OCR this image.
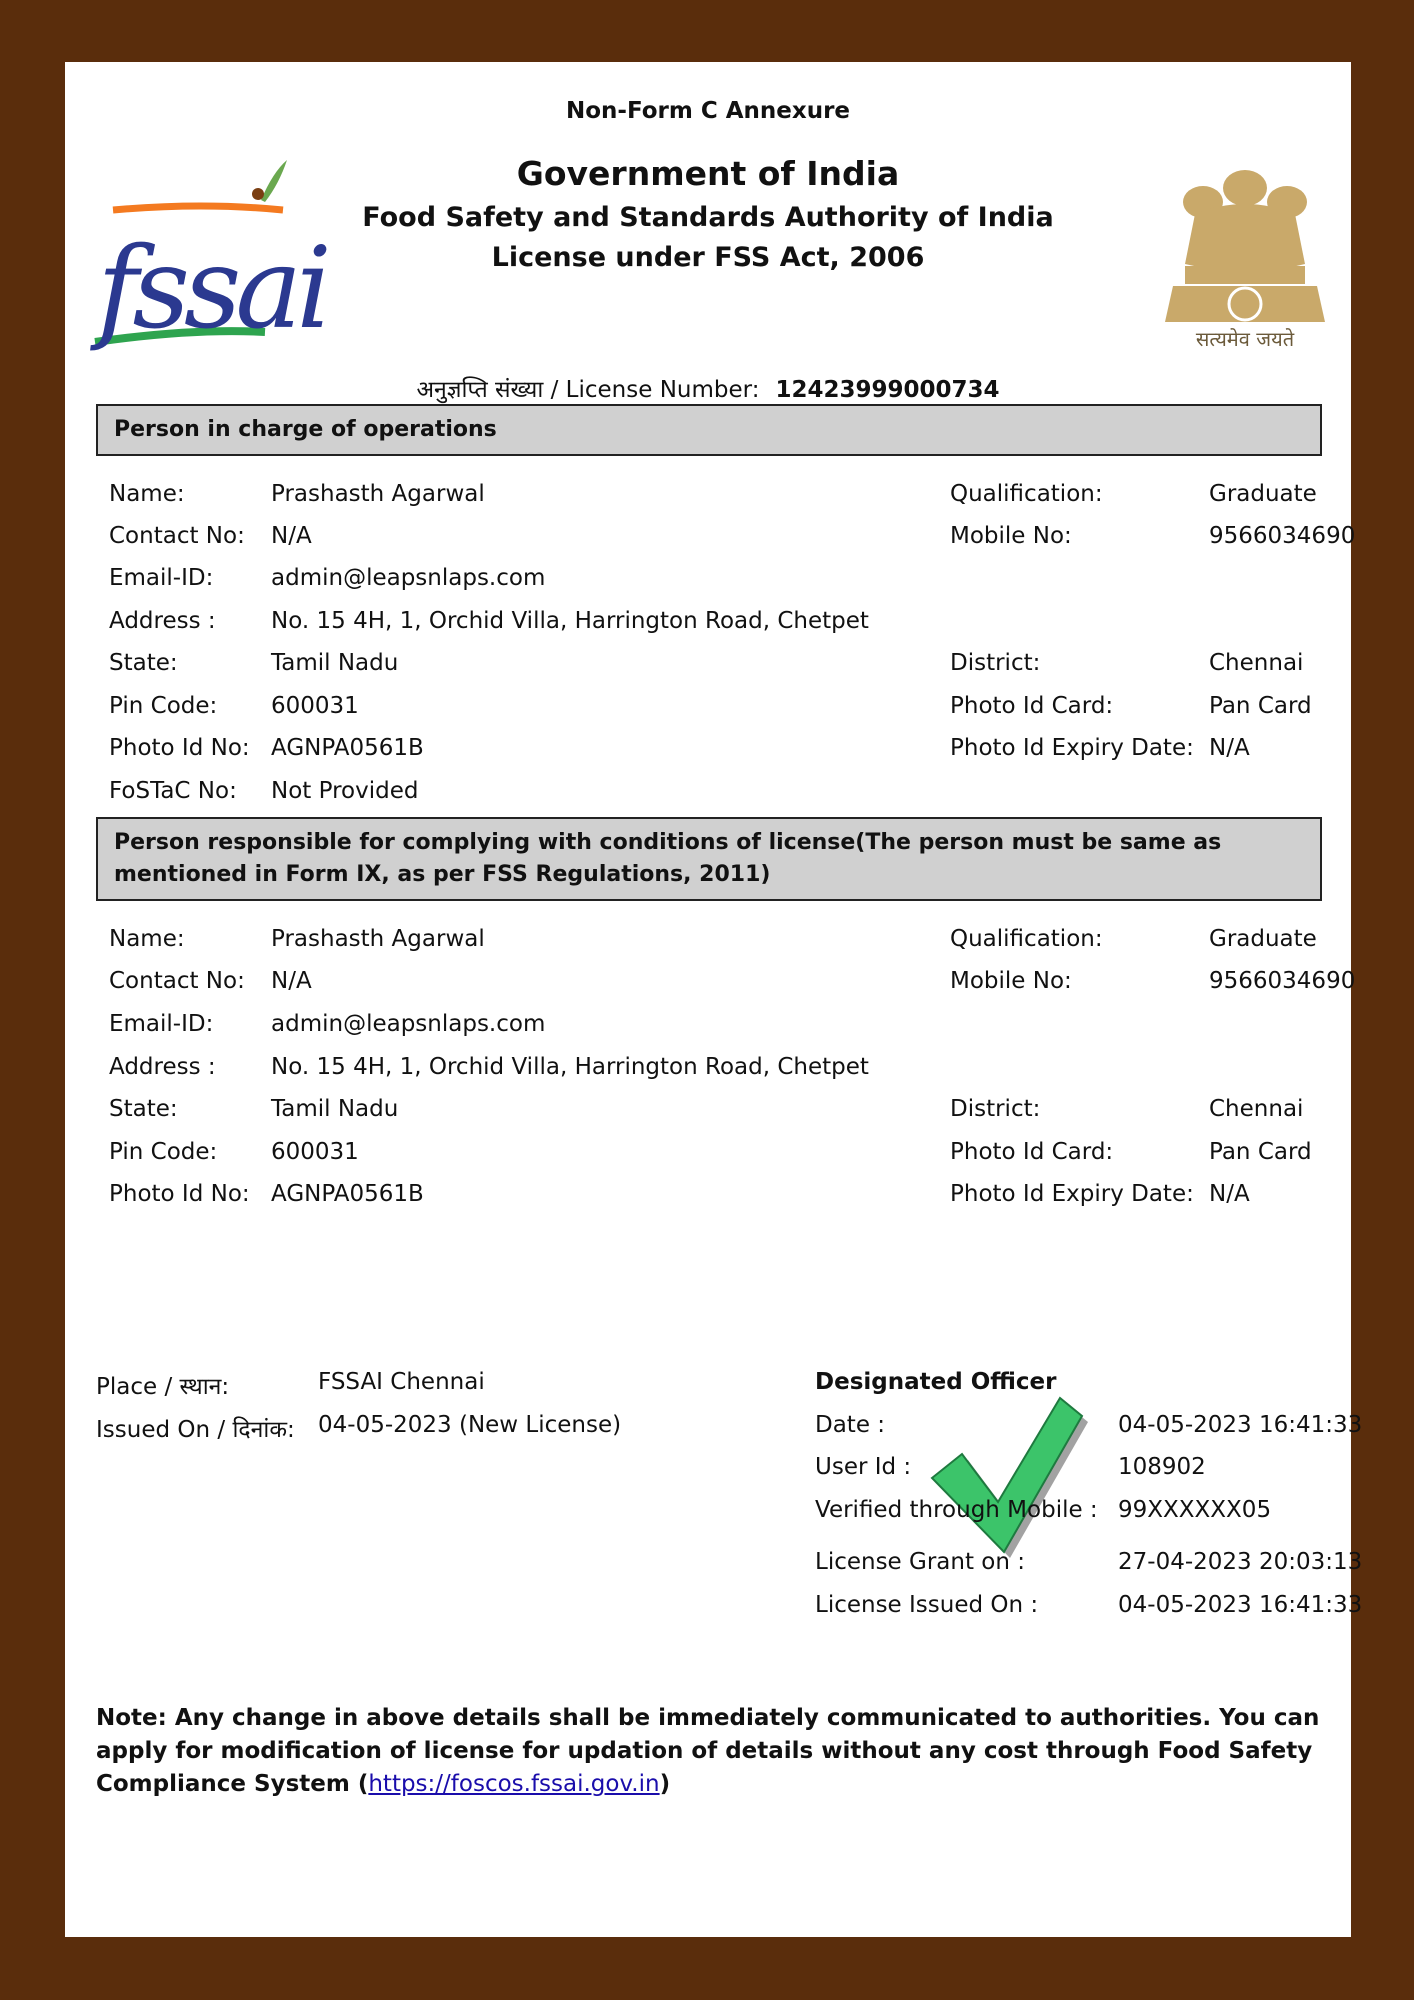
fssai	सत्यमेव जयते
Non-Form C Annexure
Government of India
Food Safety and Standards Authority of India
License under FSS Act, 2006
अनुज्ञप्ति संख्या / License Number: 12423999000734
Person in charge of operations
Name:	Prashasth Agarwal	Qualification:	Graduate
Contact No: N/A	Mobile No:	9566034690
Email-ID:	admin@leapsnlaps.com
Address : No. 15 4H, 1, Orchid Villa, Harrington Road, Chetpet
State:	Tamil Nadu	District:	Chennai
Pin Code: 600031	Photo Id Card:	Pan Card
Photo Id No: AGNPA0561B	Photo Id Expiry Date: N/A
FoSTaC No: Not Provided
Person responsible for complying with conditions of license(The person must be same as mentioned in Form IX, as per FSS Regulations, 2011)
Name:	Prashasth Agarwal	Qualification:	Graduate
Contact No: N/A	Mobile No:	9566034690
Email-ID:	admin@leapsnlaps.com
Address : No. 15 4H, 1, Orchid Villa, Harrington Road, Chetpet
State:	Tamil Nadu	District:	Chennai
Pin Code: 600031	Photo Id Card:	Pan Card
Photo Id No: AGNPA0561B	Photo Id Expiry Date: N/A
Place / स्थान:	FSSAI Chennai
Issued On / दिनांक: 04-05-2023 (New License)
Designated Officer
Date :	04-05-2023 16:41:33
User Id :	108902
Verified through Mobile : 99XXXXXX05
License Grant on :	27-04-2023 20:03:13
License Issued On :	04-05-2023 16:41:33
Note: Any change in above details shall be immediately communicated to authorities. You can apply for modification of license for updation of details without any cost through Food Safety Compliance System (https://foscos.fssai.gov.in)
